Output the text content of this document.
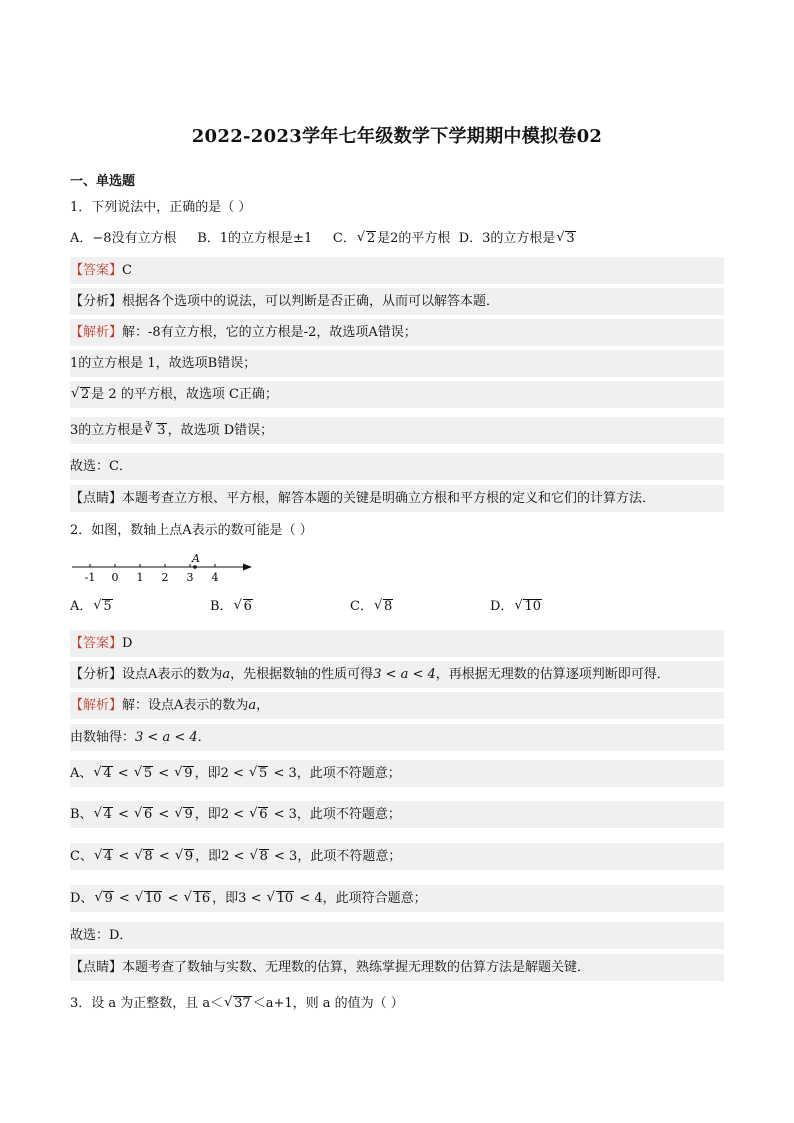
2022-2023学年七年级数学下学期期中模拟卷02
一、单选题
1．下列说法中，正确的是（ ）
A．−8没有立方根 B．1的立方根是±1 C． √ 2 是2的平方根 D．3的立方根是 √ 3
【答案】C
【分析】根据各个选项中的说法，可以判断是否正确，从而可以解答本题．
【解析】解：-8有立方根，它的立方根是-2，故选项A错误；
1的立方根是 1，故选项B错误；
√ 2 是 2 的平方根，故选项 C正确；
3的立方根是 ∛ 3 ，故选项 D错误；
故选：C．
【点睛】本题考查立方根、平方根，解答本题的关键是明确立方根和平方根的定义和它们的计算方法．
2．如图，数轴上点A表示的数可能是（ ）
-1 0 1 2 3 4
A
A． √ 5	B． √ 6	C． √ 8	D． √ 10
【答案】D
【分析】设点A表示的数为a，先根据数轴的性质可得3 < a < 4，再根据无理数的估算逐项判断即可得．
【解析】解：设点A表示的数为a，
由数轴得：3 < a < 4．
A、 √ 4 < √ 5 < √ 9 ，即2 < √ 5 < 3，此项不符题意；
B、 √ 4 < √ 6 < √ 9 ，即2 < √ 6 < 3，此项不符题意；
C、 √ 4 < √ 8 < √ 9 ，即2 < √ 8 < 3，此项不符题意；
D、 √ 9 < √ 10 < √ 16 ，即3 < √ 10 < 4，此项符合题意；
故选：D．
【点睛】本题考查了数轴与实数、无理数的估算，熟练掌握无理数的估算方法是解题关键．
3．设 a 为正整数，且 a＜ √ 37 ＜a+1，则 a 的值为（ ）
